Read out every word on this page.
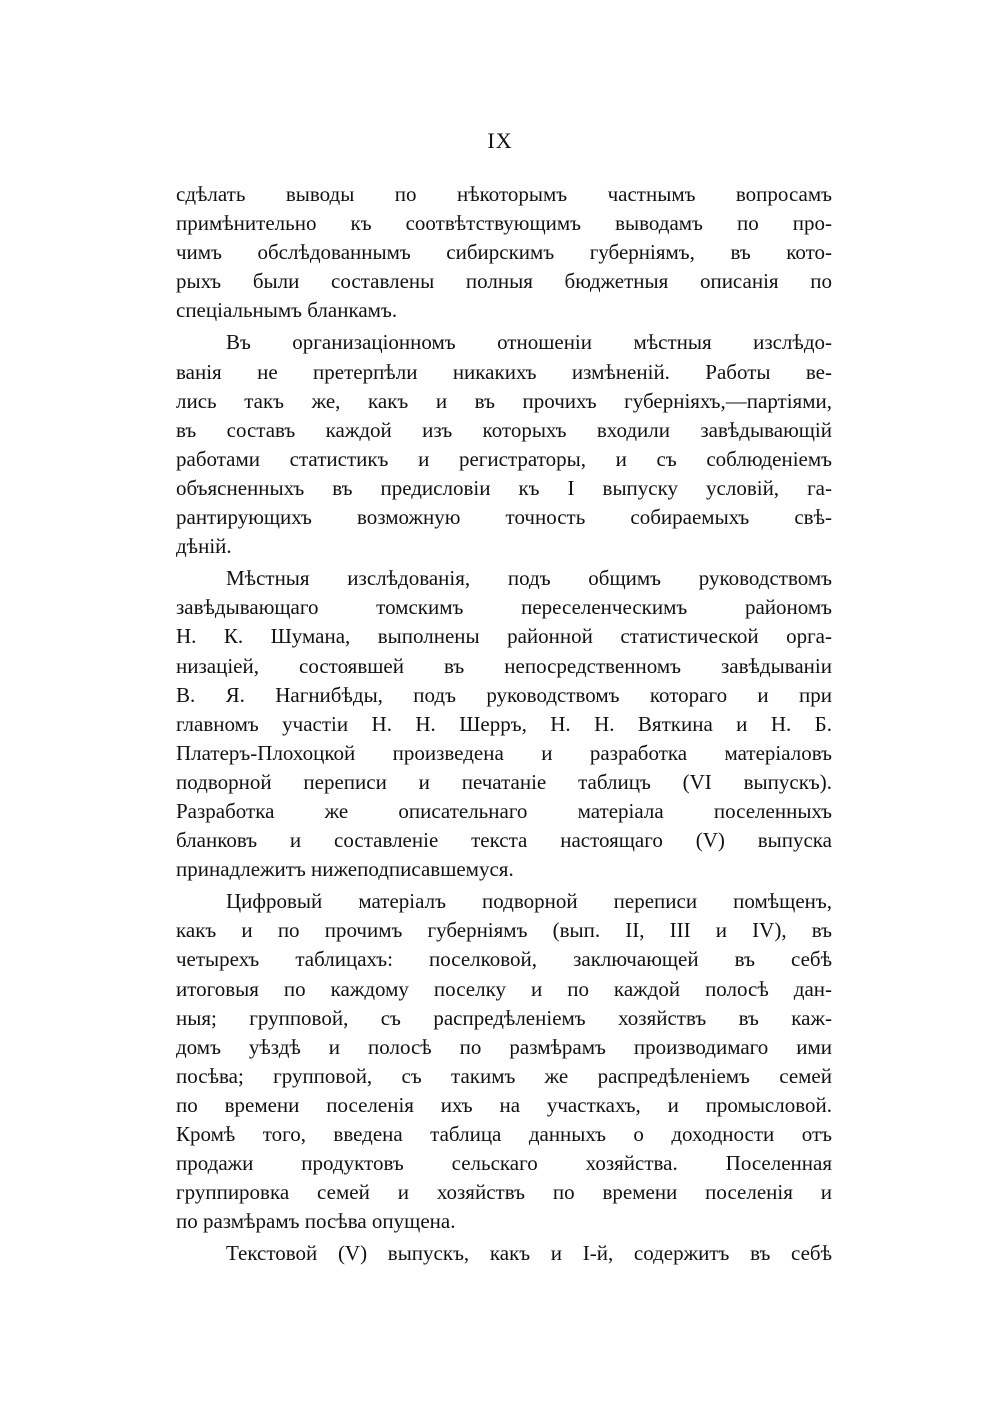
IX
сдѣлать выводы по нѣкоторымъ частнымъ вопросамъ
примѣнительно къ соотвѣтствующимъ выводамъ по про-
чимъ обслѣдованнымъ сибирскимъ губерніямъ, въ кото-
рыхъ были составлены полныя бюджетныя описанія по
спеціальнымъ бланкамъ.
Въ организаціонномъ отношеніи мѣстныя изслѣдо-
ванія не претерпѣли никакихъ измѣненій. Работы ве-
лись такъ же, какъ и въ прочихъ губерніяхъ,—партіями,
въ составъ каждой изъ которыхъ входили завѣдывающій
работами статистикъ и регистраторы, и съ соблюденіемъ
объясненныхъ въ предисловіи къ I выпуску условій, га-
рантирующихъ возможную точность собираемыхъ свѣ-
дѣній.
Мѣстныя изслѣдованія, подъ общимъ руководствомъ
завѣдывающаго томскимъ переселенческимъ райономъ
Н. К. Шумана, выполнены районной статистической орга-
низаціей, состоявшей въ непосредственномъ завѣдываніи
В. Я. Нагнибѣды, подъ руководствомъ котораго и при
главномъ участіи Н. Н. Шерръ, Н. Н. Вяткина и Н. Б.
Платеръ-Плохоцкой произведена и разработка матеріаловъ
подворной переписи и печатаніе таблицъ (VI выпускъ).
Разработка же описательнаго матеріала поселенныхъ
бланковъ и составленіе текста настоящаго (V) выпуска
принадлежитъ нижеподписавшемуся.
Цифровый матеріалъ подворной переписи помѣщенъ,
какъ и по прочимъ губерніямъ (вып. II, III и IV), въ
четырехъ таблицахъ: поселковой, заключающей въ себѣ
итоговыя по каждому поселку и по каждой полосѣ дан-
ныя; групповой, съ распредѣленіемъ хозяйствъ въ каж-
домъ уѣздѣ и полосѣ по размѣрамъ производимаго ими
посѣва; групповой, съ такимъ же распредѣленіемъ семей
по времени поселенія ихъ на участкахъ, и промысловой.
Кромѣ того, введена таблица данныхъ о доходности отъ
продажи продуктовъ сельскаго хозяйства. Поселенная
группировка семей и хозяйствъ по времени поселенія и
по размѣрамъ посѣва опущена.
Текстовой (V) выпускъ, какъ и I-й, содержитъ въ себѣ
